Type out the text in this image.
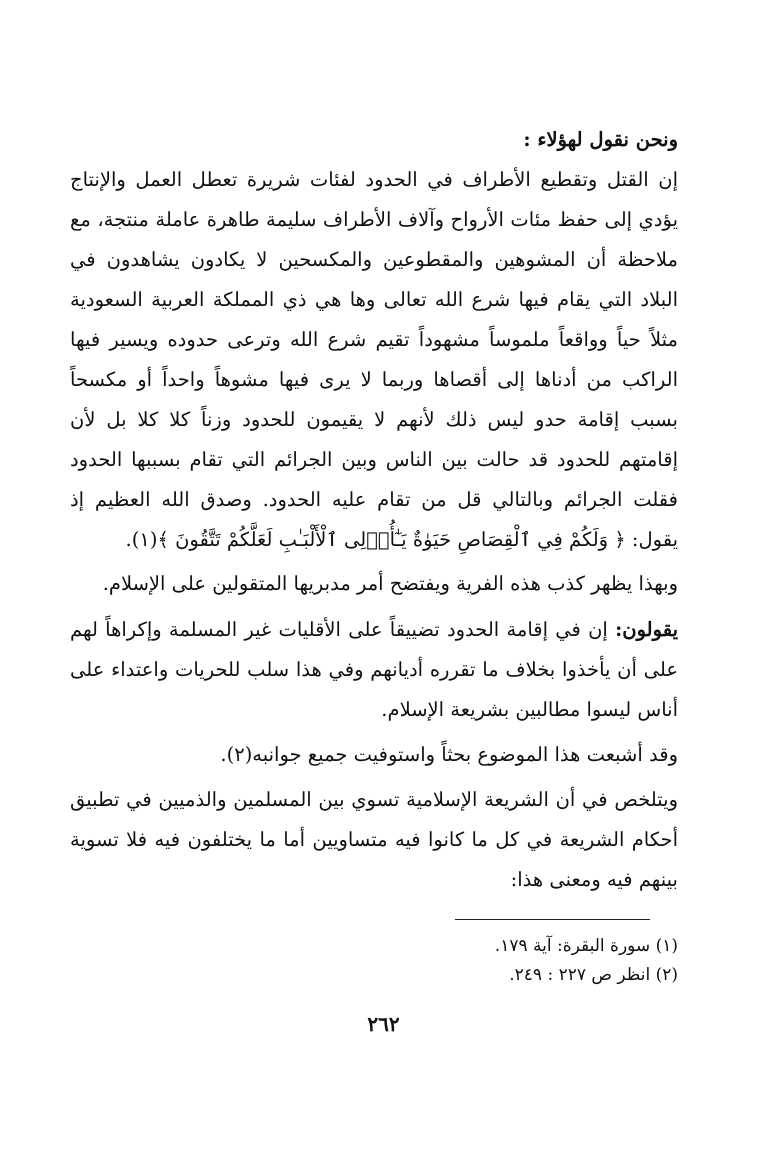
ونحن نقول لهؤلاء :
إن القتل وتقطيع الأطراف في الحدود لفئات شريرة تعطل العمل والإنتاج يؤدي إلى حفظ مئات الأرواح وآلاف الأطراف سليمة طاهرة عاملة منتجة، مع ملاحظة أن المشوهين والمقطوعين والمكسحين لا يكادون يشاهدون في البلاد التي يقام فيها شرع الله تعالى وها هي ذي المملكة العربية السعودية مثلاً حياً وواقعاً ملموساً مشهوداً تقيم شرع الله وترعى حدوده ويسير فيها الراكب من أدناها إلى أقصاها وربما لا يرى فيها مشوهاً واحداً أو مكسحاً بسبب إقامة حدو ليس ذلك لأنهم لا يقيمون للحدود وزناً كلا كلا بل لأن إقامتهم للحدود قد حالت بين الناس وبين الجرائم التي تقام بسببها الحدود فقلت الجرائم وبالتالي قل من تقام عليه الحدود. وصدق الله العظيم إذ يقول: ﴿ وَلَكُمْ فِي ٱلْقِصَاصِ حَيَوٰةٌ يَـٰٓأُو۟لِى ٱلْأَلْبَـٰبِ لَعَلَّكُمْ تَتَّقُونَ ﴾(١).
وبهذا يظهر كذب هذه الفرية ويفتضح أمر مدبريها المتقولين على الإسلام.
يقولون: إن في إقامة الحدود تضييقاً على الأقليات غير المسلمة وإكراهاً لهم على أن يأخذوا بخلاف ما تقرره أديانهم وفي هذا سلب للحريات واعتداء على أناس ليسوا مطالبين بشريعة الإسلام.
وقد أشبعت هذا الموضوع بحثاً واستوفيت جميع جوانبه(٢).
ويتلخص في أن الشريعة الإسلامية تسوي بين المسلمين والذميين في تطبيق أحكام الشريعة في كل ما كانوا فيه متساويين أما ما يختلفون فيه فلا تسوية بينهم فيه ومعنى هذا:
(١) سورة البقرة: آية ١٧٩.
(٢) انظر ص ٢٢٧ : ٢٤٩.
٢٦٢
